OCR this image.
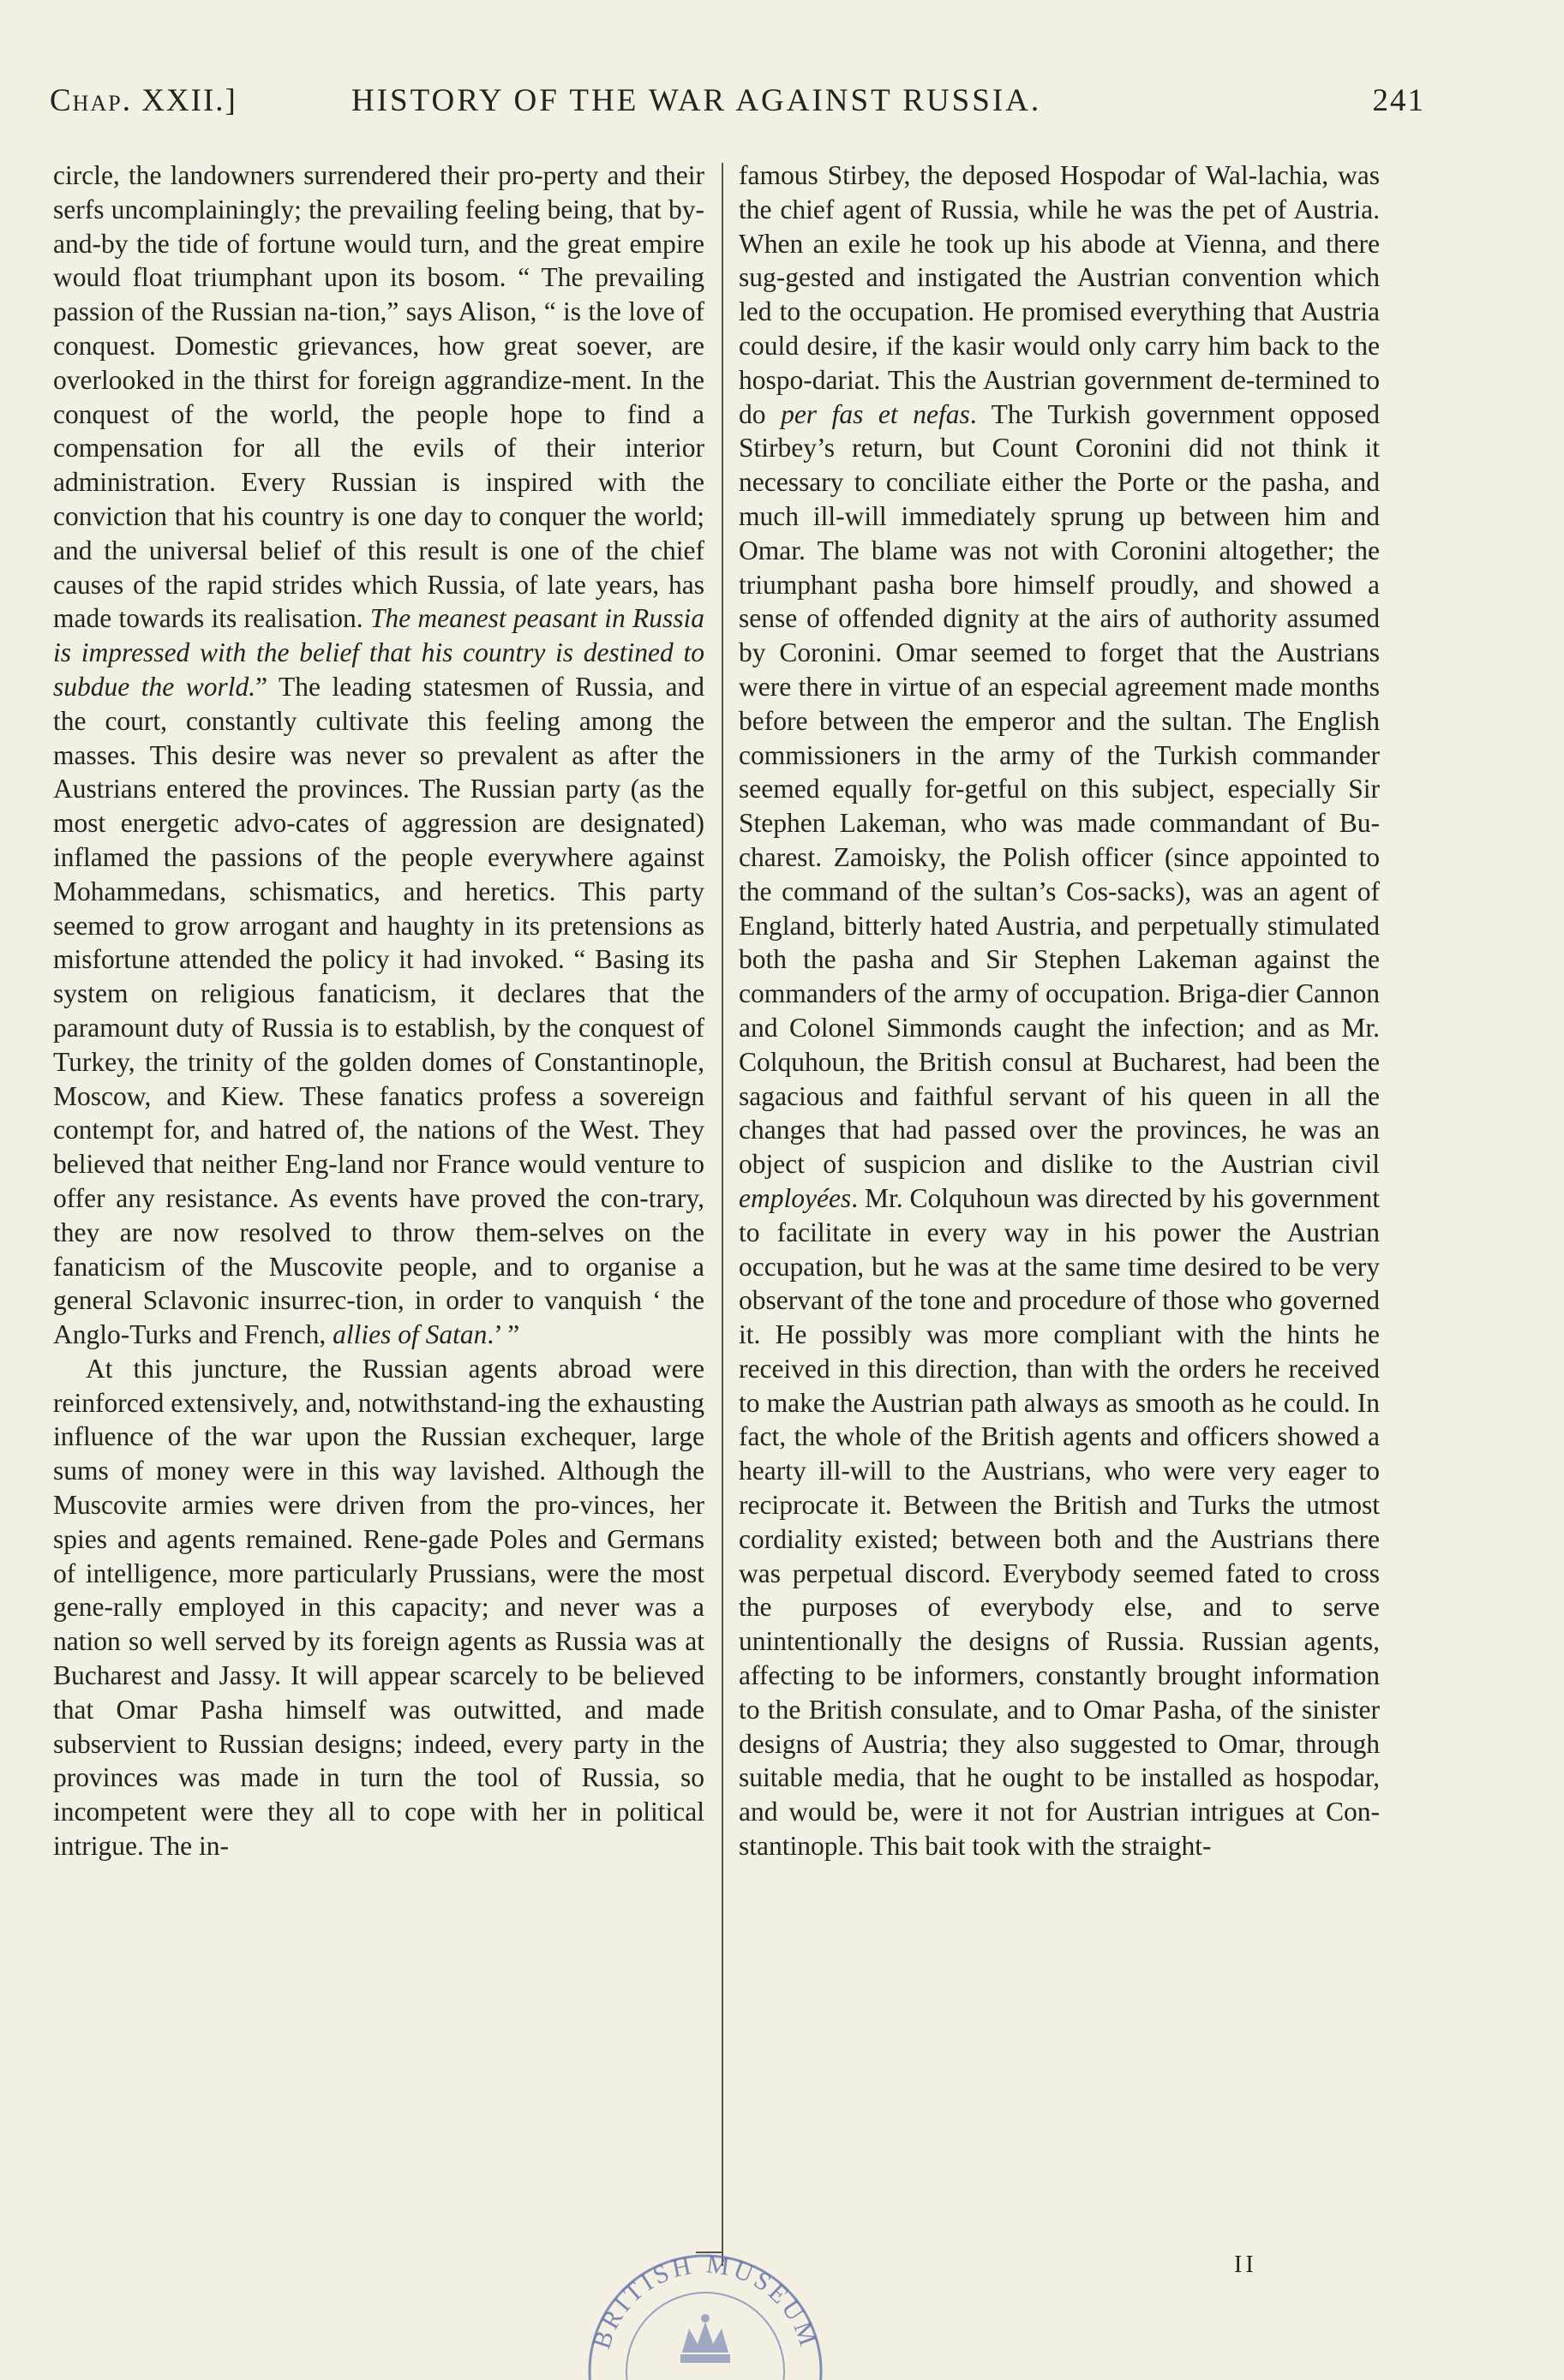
Chap. XXII.]	HISTORY OF THE WAR AGAINST RUSSIA.	241

circle, the landowners surrendered their pro-perty and their serfs uncomplainingly; the prevailing feeling being, that by-and-by the tide of fortune would turn, and the great empire would float triumphant upon its bosom. “ The prevailing passion of the Russian na-tion,” says Alison, “ is the love of conquest. Domestic grievances, how great soever, are overlooked in the thirst for foreign aggrandize-ment. In the conquest of the world, the people hope to find a compensation for all the evils of their interior administration. Every Russian is inspired with the conviction that his country is one day to conquer the world; and the universal belief of this result is one of the chief causes of the rapid strides which Russia, of late years, has made towards its realisation. The meanest peasant in Russia is impressed with the belief that his country is destined to subdue the world.” The leading statesmen of Russia, and the court, constantly cultivate this feeling among the masses. This desire was never so prevalent as after the Austrians entered the provinces. The Russian party (as the most energetic advo-cates of aggression are designated) inflamed the passions of the people everywhere against Mohammedans, schismatics, and heretics. This party seemed to grow arrogant and haughty in its pretensions as misfortune attended the policy it had invoked. “ Basing its system on religious fanaticism, it declares that the paramount duty of Russia is to establish, by the conquest of Turkey, the trinity of the golden domes of Constantinople, Moscow, and Kiew. These fanatics profess a sovereign contempt for, and hatred of, the nations of the West. They believed that neither Eng-land nor France would venture to offer any resistance. As events have proved the con-trary, they are now resolved to throw them-selves on the fanaticism of the Muscovite people, and to organise a general Sclavonic insurrec-tion, in order to vanquish ‘ the Anglo-Turks and French, allies of Satan.’ ”

At this juncture, the Russian agents abroad were reinforced extensively, and, notwithstand-ing the exhausting influence of the war upon the Russian exchequer, large sums of money were in this way lavished. Although the Muscovite armies were driven from the pro-vinces, her spies and agents remained. Rene-gade Poles and Germans of intelligence, more particularly Prussians, were the most gene-rally employed in this capacity; and never was a nation so well served by its foreign agents as Russia was at Bucharest and Jassy. It will appear scarcely to be believed that Omar Pasha himself was outwitted, and made subservient to Russian designs; indeed, every party in the provinces was made in turn the tool of Russia, so incompetent were they all to cope with her in political intrigue. The in-

famous Stirbey, the deposed Hospodar of Wal-lachia, was the chief agent of Russia, while he was the pet of Austria. When an exile he took up his abode at Vienna, and there sug-gested and instigated the Austrian convention which led to the occupation. He promised everything that Austria could desire, if the kasir would only carry him back to the hospo-dariat. This the Austrian government de-termined to do per fas et nefas. The Turkish government opposed Stirbey’s return, but Count Coronini did not think it necessary to conciliate either the Porte or the pasha, and much ill-will immediately sprung up between him and Omar. The blame was not with Coronini altogether; the triumphant pasha bore himself proudly, and showed a sense of offended dignity at the airs of authority assumed by Coronini. Omar seemed to forget that the Austrians were there in virtue of an especial agreement made months before between the emperor and the sultan. The English commissioners in the army of the Turkish commander seemed equally for-getful on this subject, especially Sir Stephen Lakeman, who was made commandant of Bu-charest. Zamoisky, the Polish officer (since appointed to the command of the sultan’s Cos-sacks), was an agent of England, bitterly hated Austria, and perpetually stimulated both the pasha and Sir Stephen Lakeman against the commanders of the army of occupation. Briga-dier Cannon and Colonel Simmonds caught the infection; and as Mr. Colquhoun, the British consul at Bucharest, had been the sagacious and faithful servant of his queen in all the changes that had passed over the provinces, he was an object of suspicion and dislike to the Austrian civil employées. Mr. Colquhoun was directed by his government to facilitate in every way in his power the Austrian occupation, but he was at the same time desired to be very observant of the tone and procedure of those who governed it. He possibly was more compliant with the hints he received in this direction, than with the orders he received to make the Austrian path always as smooth as he could. In fact, the whole of the British agents and officers showed a hearty ill-will to the Austrians, who were very eager to reciprocate it. Between the British and Turks the utmost cordiality existed; between both and the Austrians there was perpetual discord. Everybody seemed fated to cross the purposes of everybody else, and to serve unintentionally the designs of Russia. Russian agents, affecting to be informers, constantly brought information to the British consulate, and to Omar Pasha, of the sinister designs of Austria; they also suggested to Omar, through suitable media, that he ought to be installed as hospodar, and would be, were it not for Austrian intrigues at Con-stantinople. This bait took with the straight-

II
BRITISH MUSEUM
